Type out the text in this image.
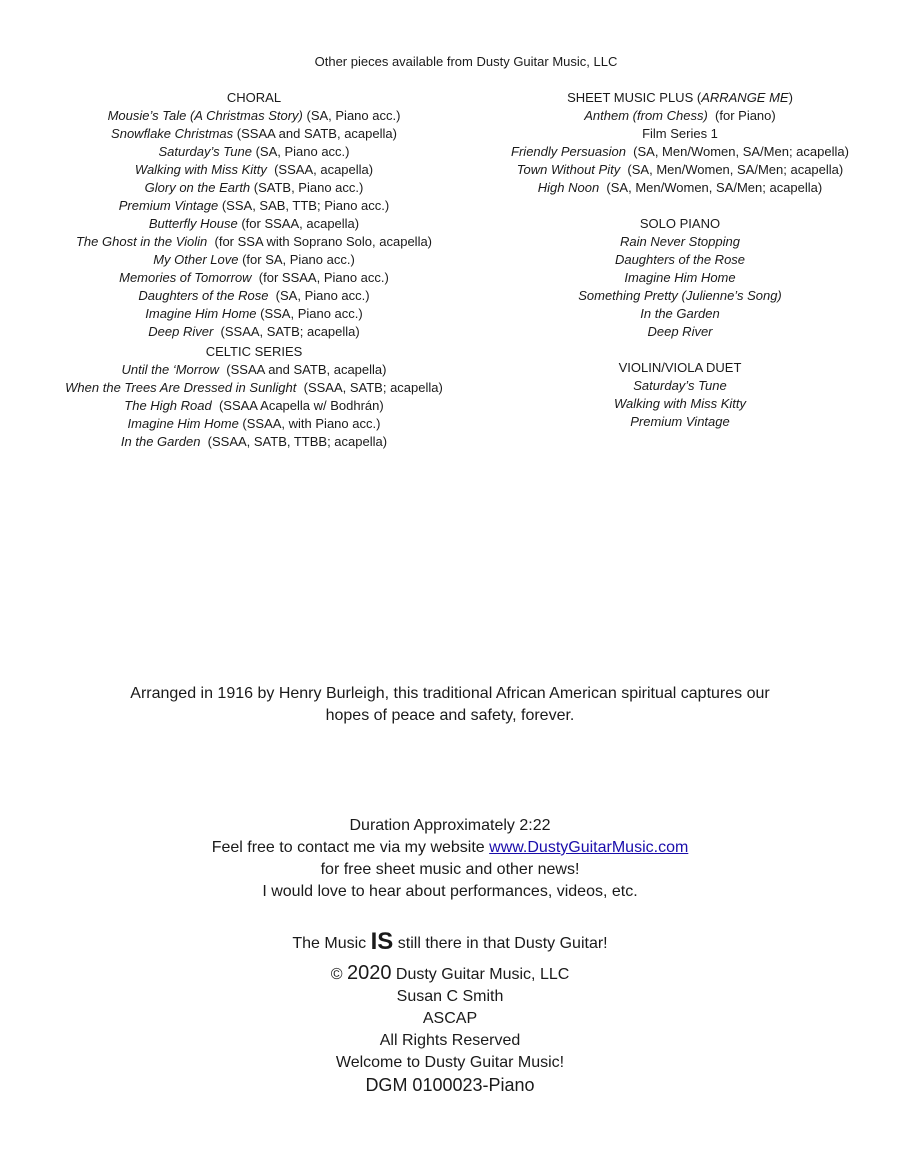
Other pieces available from Dusty Guitar Music, LLC
CHORAL
Mousie’s Tale (A Christmas Story) (SA, Piano acc.)
Snowflake Christmas (SSAA and SATB, acapella)
Saturday’s Tune (SA, Piano acc.)
Walking with Miss Kitty  (SSAA, acapella)
Glory on the Earth (SATB, Piano acc.)
Premium Vintage (SSA, SAB, TTB; Piano acc.)
Butterfly House (for SSAA, acapella)
The Ghost in the Violin  (for SSA with Soprano Solo, acapella)
My Other Love (for SA, Piano acc.)
Memories of Tomorrow  (for SSAA, Piano acc.)
Daughters of the Rose  (SA, Piano acc.)
Imagine Him Home (SSA, Piano acc.)
Deep River  (SSAA, SATB; acapella)
CELTIC SERIES
Until the ‘Morrow  (SSAA and SATB, acapella)
When the Trees Are Dressed in Sunlight  (SSAA, SATB; acapella)
The High Road  (SSAA Acapella w/ Bodhrán)
Imagine Him Home (SSAA, with Piano acc.)
In the Garden  (SSAA, SATB, TTBB; acapella)
SHEET MUSIC PLUS (ARRANGE ME)
Anthem (from Chess)  (for Piano)
Film Series 1
Friendly Persuasion  (SA, Men/Women, SA/Men; acapella)
Town Without Pity  (SA, Men/Women, SA/Men; acapella)
High Noon  (SA, Men/Women, SA/Men; acapella)
SOLO PIANO
Rain Never Stopping
Daughters of the Rose
Imagine Him Home
Something Pretty (Julienne’s Song)
In the Garden
Deep River
VIOLIN/VIOLA DUET
Saturday’s Tune
Walking with Miss Kitty
Premium Vintage
Arranged in 1916 by Henry Burleigh, this traditional African American spiritual captures our
hopes of peace and safety, forever.
Duration Approximately 2:22
Feel free to contact me via my website www.DustyGuitarMusic.com
for free sheet music and other news!
I would love to hear about performances, videos, etc.
The Music IS still there in that Dusty Guitar!
© 2020 Dusty Guitar Music, LLC
Susan C Smith
ASCAP
All Rights Reserved
Welcome to Dusty Guitar Music!
DGM 0100023-Piano
